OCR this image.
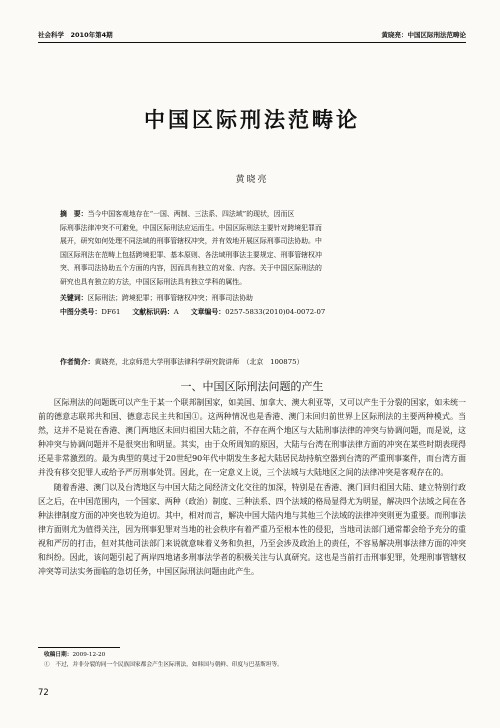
社会科学　2010年第4期	黄晓亮：中国区际刑法范畴论
中国区际刑法范畴论
黄晓亮
摘　要：当今中国客观地存在“一国、两制、三法系、四法域”的现状，因而区
际刑事法律冲突不可避免，中国区际刑法应运而生。中国区际刑法主要针对跨境犯罪而
展开，研究如何处理不同法域的刑事管辖权冲突，并有效地开展区际刑事司法协助。中
国区际刑法在范畴上包括跨境犯罪、基本原则、各法域刑事法主要规定、刑事管辖权冲
突、刑事司法协助五个方面的内容，因而具有独立的对象、内容。关于中国区际刑法的
研究也具有独立的方法，中国区际刑法具有独立学科的属性。
关键词：区际刑法；跨境犯罪；刑事管辖权冲突；刑事司法协助
中图分类号：DF61 文献标识码：A 文章编号：0257-5833(2010)04-0072-07
作者简介：黄晓亮，北京师范大学刑事法律科学研究院讲师　（北京　100875）
一、中国区际刑法问题的产生

区际刑法的问题既可以产生于某一个联邦制国家，如美国、加拿大、澳大利亚等，又可以产生于分裂的国家，如未统一前的德意志联邦共和国、德意志民主共和国①。这两种情况也是香港、澳门未回归前世界上区际刑法的主要两种模式。当然，这并不是说在香港、澳门两地区未回归祖国大陆之前，不存在两个地区与大陆刑事法律的冲突与协调问题，而是说，这种冲突与协调问题并不是很突出和明显。其实，由于众所周知的原因，大陆与台湾在刑事法律方面的冲突在某些时期表现得还是非常激烈的。最为典型的莫过于20世纪90年代中期发生多起大陆居民劫持航空器到台湾的严重刑事案件，而台湾方面并没有移交犯罪人或给予严厉刑事处罚。因此，在一定意义上说，三个法域与大陆地区之间的法律冲突是客观存在的。

随着香港、澳门以及台湾地区与中国大陆之间经济文化交往的加深，特别是在香港、澳门回归祖国大陆、建立特别行政区之后，在中国范围内，一个国家、两种（政治）制度、三种法系、四个法域的格局显得尤为明显，解决四个法域之间在各种法律制度方面的冲突也较为迫切。其中，相对而言，解决中国大陆内地与其他三个法域的法律冲突则更为重要。而刑事法律方面则尤为值得关注，因为刑事犯罪对当地的社会秩序有着严重乃至根本性的侵犯，当地司法部门通常都会给予充分的重视和严厉的打击，但对其他司法部门来说就意味着义务和负担，乃至会涉及政治上的责任，不容易解决刑事法律方面的冲突和纠纷。因此，该问题引起了两岸四地诸多刑事法学者的积极关注与认真研究。这也是当前打击刑事犯罪，处理刑事管辖权冲突等司法实务面临的急切任务，中国区际刑法问题由此产生。

收稿日期：2009-12-20
①　 不过，并非分裂的同一个民族国家都会产生区际刑法，如韩国与朝鲜、印度与巴基斯坦等。
72
